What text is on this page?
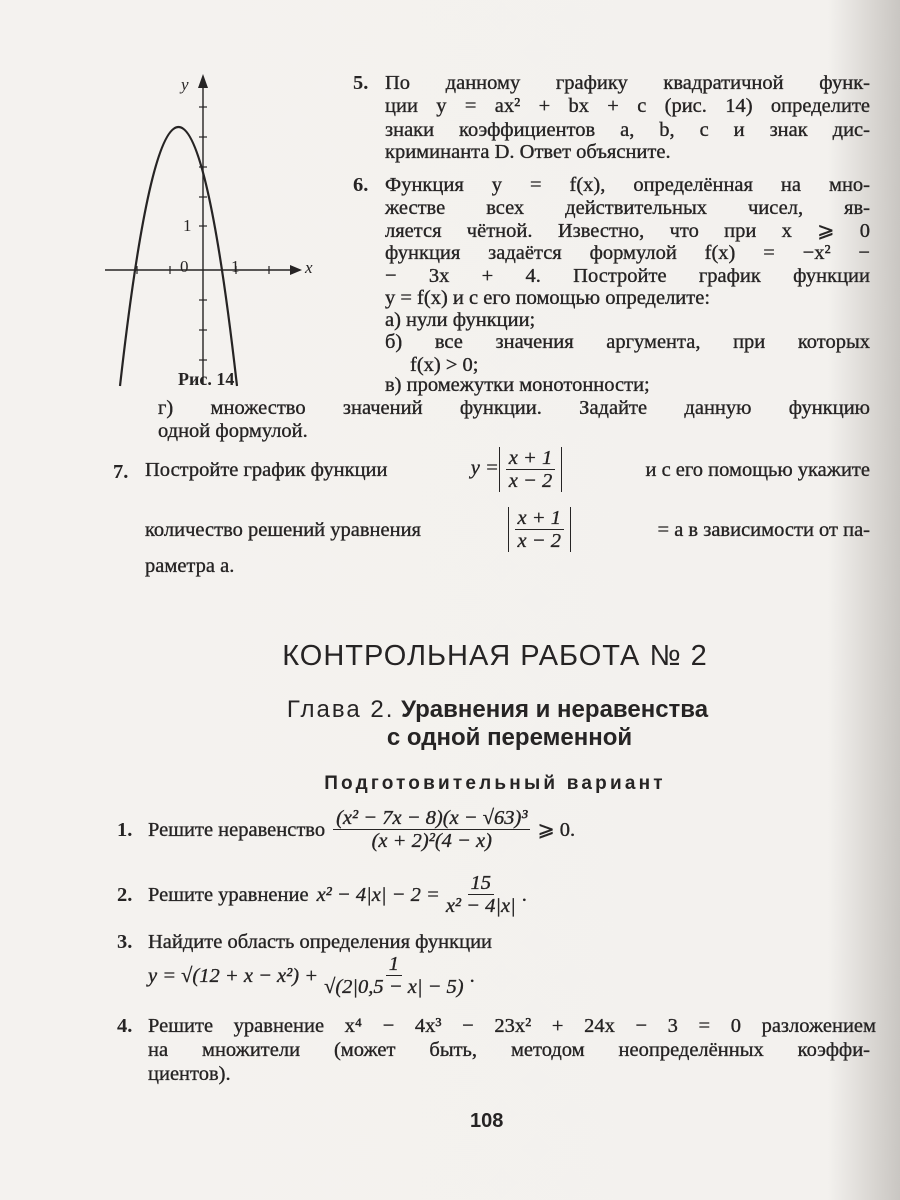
y
x
0	1
1
Рис. 14
5. По данному графику квадратичной функ-
ции y = ax² + bx + c (рис. 14) определите
знаки коэффициентов a, b, c и знак дис-
криминанта D. Ответ объясните.
6. Функция y = f(x), определённая на мно-
жестве всех действительных чисел, яв-
ляется чётной. Известно, что при x ⩾ 0
функция задаётся формулой f(x) = −x² −
− 3x + 4. Постройте график функции
y = f(x) и с его помощью определите:
а) нули функции;
б) все значения аргумента, при которых
f(x) > 0;
в) промежутки монотонности;
г) множество значений функции. Задайте данную функцию
одной формулой.
7. Постройте график функции	$y = \frac{x + 1}{x - 2}$	и с его помощью укажите
количество решений уравнения	$\frac{x + 1}{x - 2}$	= a в зависимости от па-
раметра a.
КОНТРОЛЬНАЯ РАБОТА № 2
Глава 2. Уравнения и неравенства
с одной переменной
Подготовительный вариант
1. Решите неравенство $\frac{\text{(x² − 7x − 8)(x − √63)³}}{\text{(x + 2)²(4 − x)}}$ ⩾ 0.
2. Решите уравнение $x^2 - 4|x| - 2 = \frac{15}{\text{x² − 4|x|}}$ .
3. Найдите область определения функции
$y = √(12 + x - x^2) + \frac{1}{√(2|0,5 - x| - 5)}$ .
4. Решите уравнение x⁴ − 4x³ − 23x² + 24x − 3 = 0 разложением
на множители (может быть, методом неопределённых коэффи-
циентов).
108
